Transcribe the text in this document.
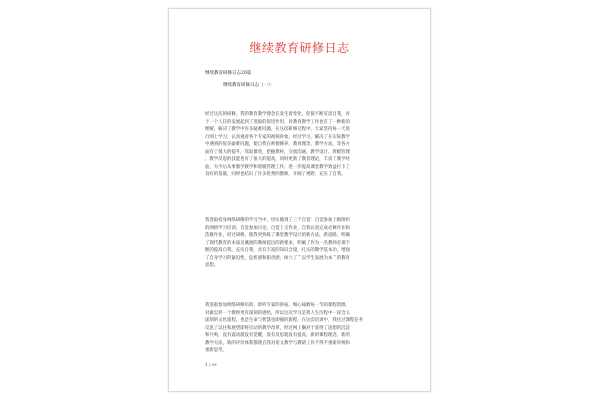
继续教育研修日志
继续教育研修日志20篇
继续教育研修日志（一）：

经过这次的研修，我的教育教学理念在发生着变化，促使不断反思自我，对
于一个人任的发展起到了进取的促进作用，对教育教学工作也有了一种新的
理解，解决了教学中许多疑难问题，在这次研修过程中，大家坚持每一天进
行网上学习，认真观看各个专家的视频讲象，经过学习，解决了在实际教学
中遇到的很多疑难问题，使自我在师德修养，教育理念，教学方法，等各方
面有了很大的提升，驾驭课堂，把握教材，交流沟通，教学设计，班级管理
，教学反思的技能也有了很大的提高，同时更新了教育理论，丰富了教学经
验，为今后从事教学教学和班级管理工作，进一步提高课堂教学效益打下了
良好的基础，同时也结识了许多优秀的教师，开阔了视野，充实了自我。

我进取投身网络研修的学习当中，切实做到了三个自觉：自觉参加上级组织
的网络学习培训，自觉参加讨论，自觉上交作业，自我认真完成必修作业和
选修作业，经过研修，使我更熟练了课堂教学设计的新方法，新思路，明确
了现代教育的本质及溪流的教师提出的新要求，明确了作为一名教师必须不
断的提高自我，充实自我，具有丰富的知识含量，扎实的教学基本功，增强
了自身学习的紧迫性，危机感和职责感，树立了＂以学生发展为本＂的教育
思想。

我进取参加网络研修培训，聆听专家的讲座，细心琢磨每一节的课程资源，
对做怎样一个教师更有深刻的感悟，所以这次学习是我人生历程中一段含义
深刻的文化旅程，也是生命与智慧也即撞的旅程，在这次培训中，我往过课程任务
反思了以往和展望即将启动的教学改革，经过网上搁对于获得了思想的沉淀
和共鸣，没有震动就没有觉醒，没有反思就没有提高，新的课程理念，新的
教学方法，新的评价体系都使自我对语文教学与教研工作不得不重新审视和
重新思考。

1 / 39
